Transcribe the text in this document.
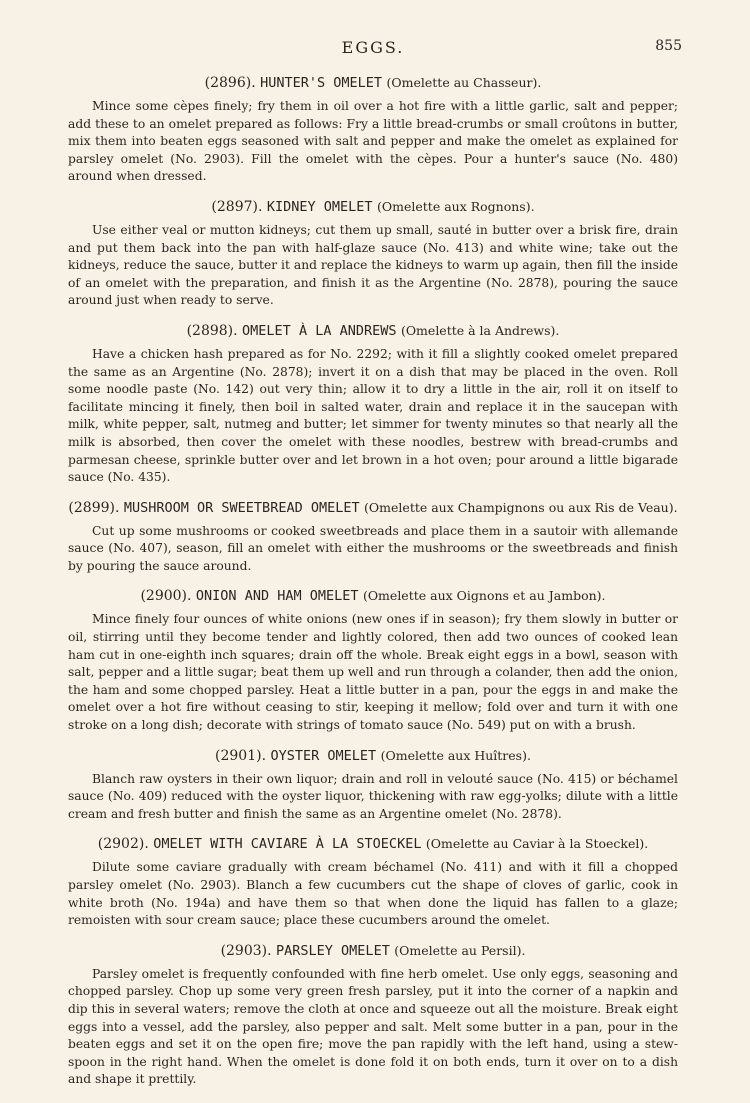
EGGS.	855
(2896). HUNTER'S OMELET (Omelette au Chasseur).

Mince some cèpes finely; fry them in oil over a hot fire with a little garlic, salt and pepper; add these to an omelet prepared as follows: Fry a little bread-crumbs or small croûtons in butter, mix them into beaten eggs seasoned with salt and pepper and make the omelet as explained for parsley omelet (No. 2903). Fill the omelet with the cèpes. Pour a hunter's sauce (No. 480) around when dressed.

(2897). KIDNEY OMELET (Omelette aux Rognons).

Use either veal or mutton kidneys; cut them up small, sauté in butter over a brisk fire, drain and put them back into the pan with half-glaze sauce (No. 413) and white wine; take out the kidneys, reduce the sauce, butter it and replace the kidneys to warm up again, then fill the inside of an omelet with the preparation, and finish it as the Argentine (No. 2878), pouring the sauce around just when ready to serve.

(2898). OMELET À LA ANDREWS (Omelette à la Andrews).

Have a chicken hash prepared as for No. 2292; with it fill a slightly cooked omelet prepared the same as an Argentine (No. 2878); invert it on a dish that may be placed in the oven. Roll some noodle paste (No. 142) out very thin; allow it to dry a little in the air, roll it on itself to facilitate mincing it finely, then boil in salted water, drain and replace it in the saucepan with milk, white pepper, salt, nutmeg and butter; let simmer for twenty minutes so that nearly all the milk is absorbed, then cover the omelet with these noodles, bestrew with bread-crumbs and parmesan cheese, sprinkle butter over and let brown in a hot oven; pour around a little bigarade sauce (No. 435).

(2899). MUSHROOM OR SWEETBREAD OMELET (Omelette aux Champignons ou aux Ris de Veau).

Cut up some mushrooms or cooked sweetbreads and place them in a sautoir with allemande sauce (No. 407), season, fill an omelet with either the mushrooms or the sweetbreads and finish by pouring the sauce around.

(2900). ONION AND HAM OMELET (Omelette aux Oignons et au Jambon).

Mince finely four ounces of white onions (new ones if in season); fry them slowly in butter or oil, stirring until they become tender and lightly colored, then add two ounces of cooked lean ham cut in one-eighth inch squares; drain off the whole. Break eight eggs in a bowl, season with salt, pepper and a little sugar; beat them up well and run through a colander, then add the onion, the ham and some chopped parsley. Heat a little butter in a pan, pour the eggs in and make the omelet over a hot fire without ceasing to stir, keeping it mellow; fold over and turn it with one stroke on a long dish; decorate with strings of tomato sauce (No. 549) put on with a brush.

(2901). OYSTER OMELET (Omelette aux Huîtres).

Blanch raw oysters in their own liquor; drain and roll in velouté sauce (No. 415) or béchamel sauce (No. 409) reduced with the oyster liquor, thickening with raw egg-yolks; dilute with a little cream and fresh butter and finish the same as an Argentine omelet (No. 2878).

(2902). OMELET WITH CAVIARE À LA STOECKEL (Omelette au Caviar à la Stoeckel).

Dilute some caviare gradually with cream béchamel (No. 411) and with it fill a chopped parsley omelet (No. 2903). Blanch a few cucumbers cut the shape of cloves of garlic, cook in white broth (No. 194a) and have them so that when done the liquid has fallen to a glaze; remoisten with sour cream sauce; place these cucumbers around the omelet.

(2903). PARSLEY OMELET (Omelette au Persil).

Parsley omelet is frequently confounded with fine herb omelet. Use only eggs, seasoning and chopped parsley. Chop up some very green fresh parsley, put it into the corner of a napkin and dip this in several waters; remove the cloth at once and squeeze out all the moisture. Break eight eggs into a vessel, add the parsley, also pepper and salt. Melt some butter in a pan, pour in the beaten eggs and set it on the open fire; move the pan rapidly with the left hand, using a stew-spoon in the right hand. When the omelet is done fold it on both ends, turn it over on to a dish and shape it prettily.
